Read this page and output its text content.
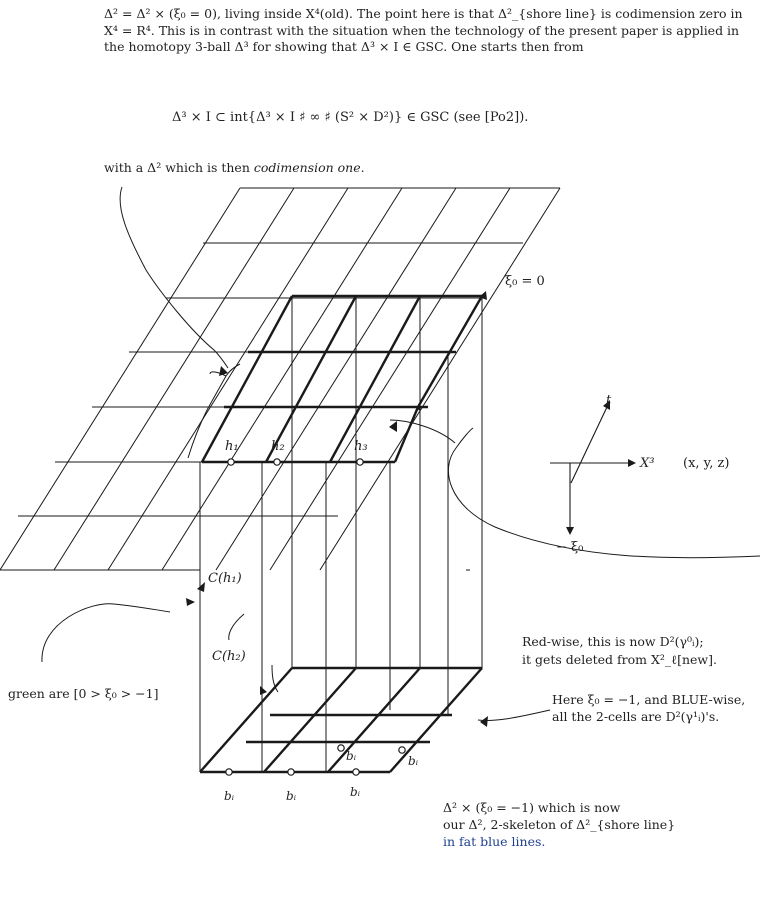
Δ² = Δ² × (ξ₀ = 0), living inside X⁴(old). The point here is that Δ²_{shore line} is codimension zero in X⁴ = R⁴. This is in contrast with the situation when the technology of the present paper is applied in the homotopy 3-ball Δ³ for showing that Δ³ × I ∈ GSC. One starts then from

Δ³ × I ⊂ int{Δ³ × I ♯ ∞ ♯ (S² × D²)} ∈ GSC (see [Po2]).

with a Δ² which is then codimension one.

ξ₀ = 0
h₁ h₂	h₃
t
X³ (x, y, z)
− ξ₀
C(h₁)
C(h₂)
Red-wise, this is now D²(γ⁰ᵢ);
it gets deleted from X²_ℓ[new].
Here ξ₀ = −1, and BLUE-wise,
all the 2-cells are D²(γ¹ᵢ)'s.
green are [0 > ξ₀ > −1]
Δ² × (ξ₀ = −1) which is now
our Δ², 2-skeleton of Δ²_{shore line}
in fat blue lines.
bᵢ	bᵢ	bᵢ
bᵢ	bᵢ
